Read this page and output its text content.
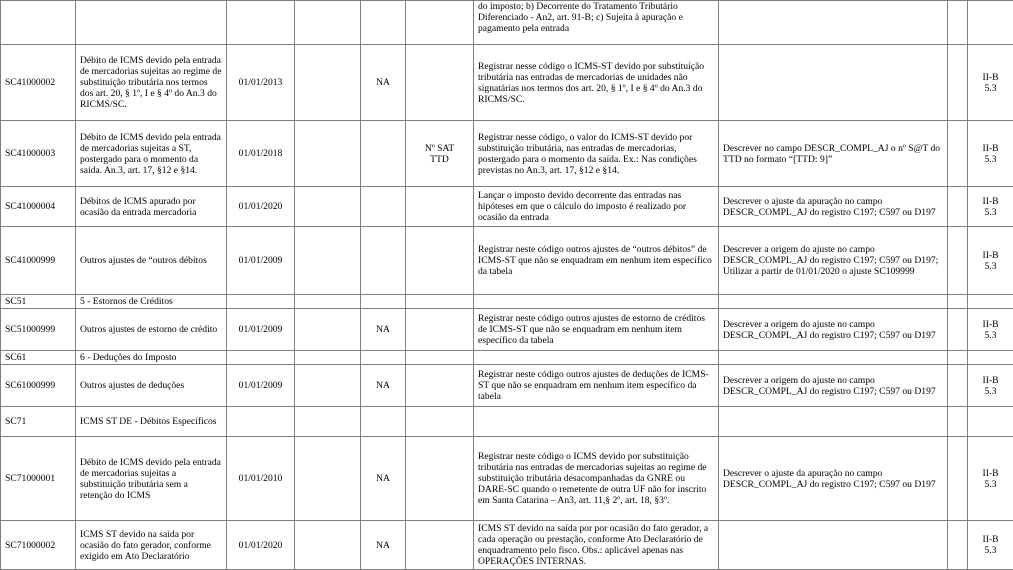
						do imposto; b) Decorrente do Tratamento Tributário Diferenciado - An2, art. 91-B; c) Sujeita à apuração e pagamento pela entrada			
SC41000002	Débito de ICMS devido pela entrada de mercadorias sujeitas ao regime de substituição tributária nos termos dos art. 20, § 1º, I e § 4º do An.3 do RICMS/SC.	01/01/2013		NA		Registrar nesse código o ICMS-ST devido por substituição tributária nas entradas de mercadorias de unidades não signatárias nos termos dos art. 20, § 1º, I e § 4º do An.3 do RICMS/SC.			II-B
5.3
SC41000003	Débito de ICMS devido pela entrada de mercadorias sujeitas a ST, postergado para o momento da saída. An.3, art. 17, §12 e §14.	01/01/2018			Nº SAT
TTD	Registrar nesse código, o valor do ICMS-ST devido por substituição tributária, nas entradas de mercadorias, postergado para o momento da saída. Ex.: Nas condições previstas no An.3, art. 17, §12 e §14.	Descrever no campo DESCR_COMPL_AJ o nº S@T do TTD no formato “[TTD: 9]”		II-B
5.3
SC41000004	Débitos de ICMS apurado por ocasião da entrada mercadoria	01/01/2020				Lançar o imposto devido decorrente das entradas nas hipóteses em que o cálculo do imposto é realizado por ocasião da entrada	Descrever o ajuste da apuração no campo DESCR_COMPL_AJ do registro C197; C597 ou D197		II-B
5.3
SC41000999	Outros ajustes de “outros débitos	01/01/2009				Registrar neste código outros ajustes de “outros débitos” de ICMS-ST que não se enquadram em nenhum item específico da tabela	Descrever a origem do ajuste no campo DESCR_COMPL_AJ do registro C197; C597 ou D197;
Utilizar a partir de 01/01/2020 o ajuste SC109999		II-B
5.3
SC51	5 - Estornos de Créditos								
SC51000999	Outros ajustes de estorno de crédito	01/01/2009		NA		Registrar neste código outros ajustes de estorno de créditos de ICMS-ST que não se enquadram em nenhum item específico da tabela	Descrever a origem do ajuste no campo DESCR_COMPL_AJ do registro C197; C597 ou D197		II-B
5.3
SC61	6 - Deduções do Imposto								
SC61000999	Outros ajustes de deduções	01/01/2009		NA		Registrar neste código outros ajustes de deduções de ICMS-ST que não se enquadram em nenhum item específico da tabela	Descrever a origem do ajuste no campo DESCR_COMPL_AJ do registro C197; C597 ou D197		II-B
5.3
SC71	ICMS ST DE - Débitos Específicos								
SC71000001	Débito de ICMS devido pela entrada de mercadorias sujeitas a substituição tributária sem a retenção do ICMS	01/01/2010		NA		Registrar neste código o ICMS devido por substituição tributária nas entradas de mercadorias sujeitas ao regime de substituição tributária desacompanhadas da GNRE ou DARE-SC quando o remetente de outra UF não for inscrito em Santa Catarina – An3, art. 11,§ 2º, art. 18, §3º.	Descrever o ajuste da apuração no campo DESCR_COMPL_AJ do registro C197; C597 ou D197		II-B
5.3
SC71000002	ICMS ST devido na saída por ocasião do fato gerador, conforme exigido em Ato Declaratório	01/01/2020		NA		ICMS ST devido na saída por por ocasião do fato gerador, a cada operação ou prestação, conforme Ato Declaratório de enquadramento pelo fisco. Obs.: aplicável apenas nas OPERAÇÕES INTERNAS.			II-B
5.3
